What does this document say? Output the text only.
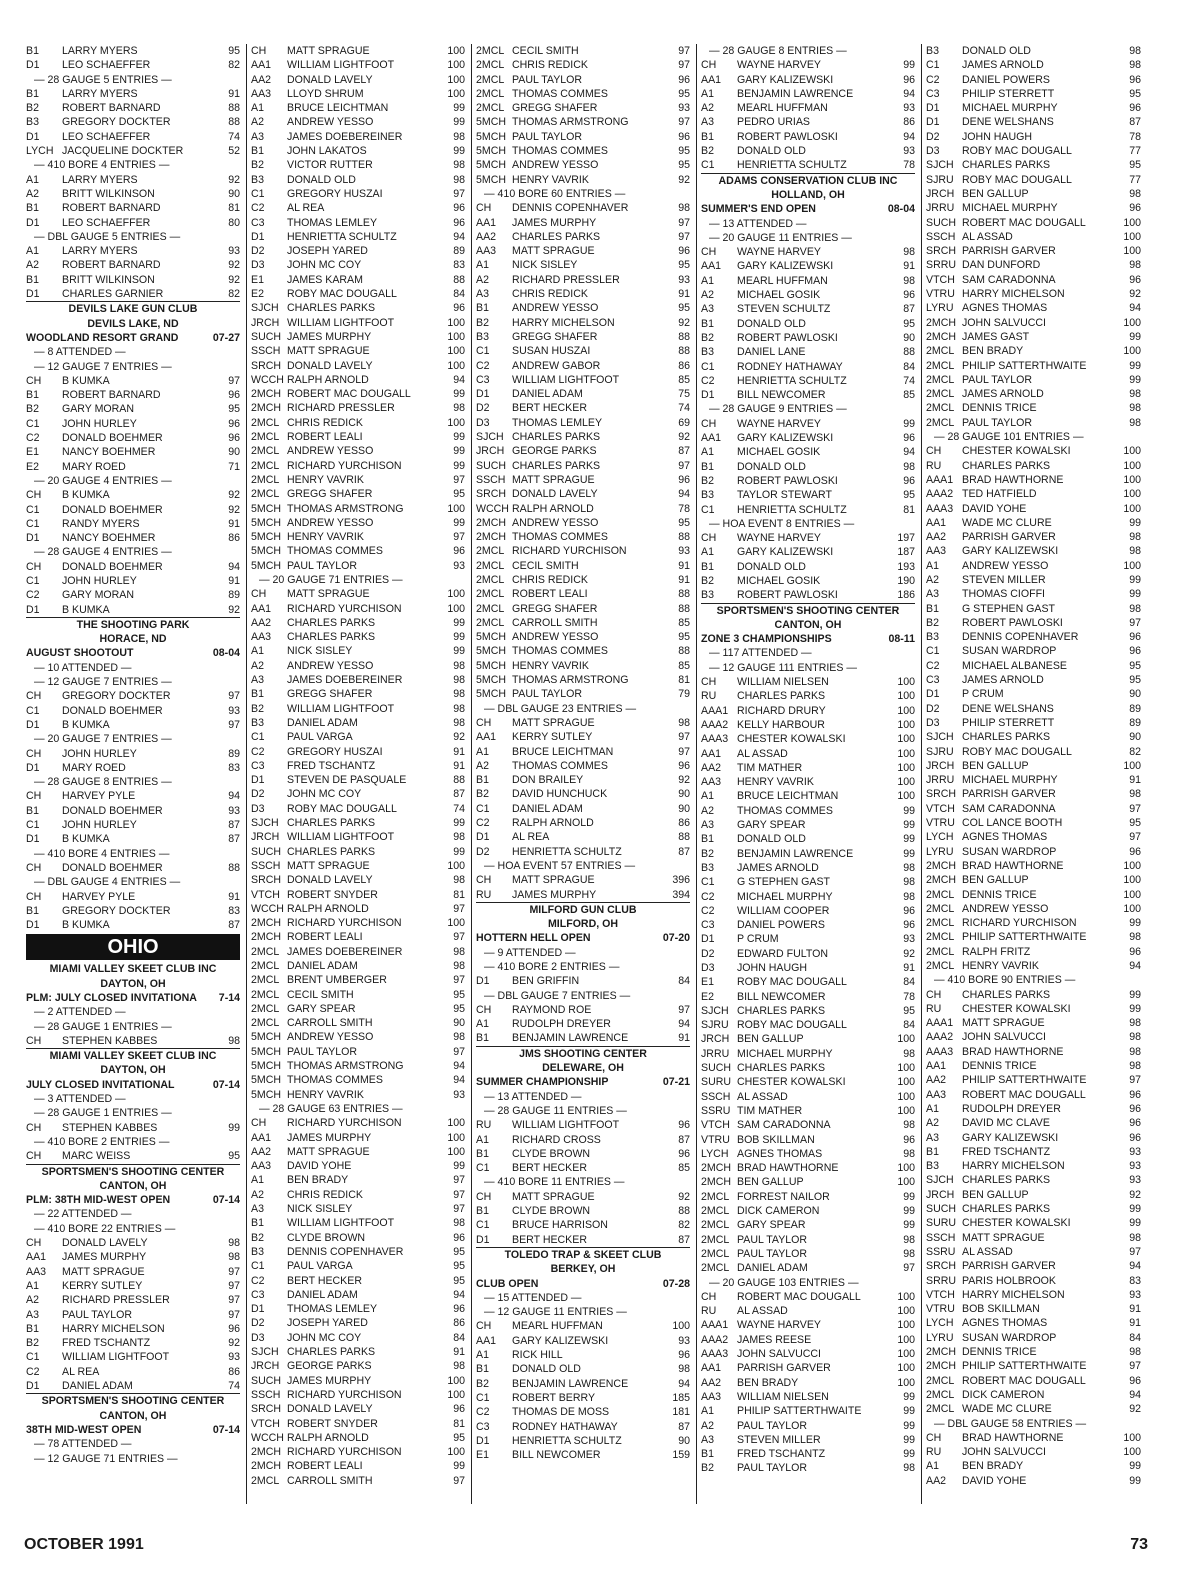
B1	LARRY MYERS	95
D1	LEO SCHAEFFER	82
— 28 GAUGE 5 ENTRIES —
B1	LARRY MYERS	91
B2	ROBERT BARNARD	88
B3	GREGORY DOCKTER	88
D1	LEO SCHAEFFER	74
LYCH JACQUELINE DOCKTER	52
— 410 BORE 4 ENTRIES —
A1	LARRY MYERS	92
A2	BRITT WILKINSON	90
B1	ROBERT BARNARD	81
D1	LEO SCHAEFFER	80
— DBL GAUGE 5 ENTRIES —
A1	LARRY MYERS	93
A2	ROBERT BARNARD	92
B1	BRITT WILKINSON	92
D1	CHARLES GARNIER	82
DEVILS LAKE GUN CLUB
DEVILS LAKE, ND
WOODLAND RESORT GRAND	07-27
— 8 ATTENDED —
— 12 GAUGE 7 ENTRIES —
CH	B KUMKA	97
B1	ROBERT BARNARD	96
B2	GARY MORAN	95
C1	JOHN HURLEY	96
C2	DONALD BOEHMER	96
E1	NANCY BOEHMER	90
E2	MARY ROED	71
— 20 GAUGE 4 ENTRIES —
CH	B KUMKA	92
C1	DONALD BOEHMER	92
C1	RANDY MYERS	91
D1	NANCY BOEHMER	86
— 28 GAUGE 4 ENTRIES —
CH	DONALD BOEHMER	94
C1	JOHN HURLEY	91
C2	GARY MORAN	89
D1	B KUMKA	92
THE SHOOTING PARK
HORACE, ND
AUGUST SHOOTOUT	08-04
— 10 ATTENDED —
— 12 GAUGE 7 ENTRIES —
CH	GREGORY DOCKTER	97
C1	DONALD BOEHMER	93
D1	B KUMKA	97
— 20 GAUGE 7 ENTRIES —
CH	JOHN HURLEY	89
D1	MARY ROED	83
— 28 GAUGE 8 ENTRIES —
CH	HARVEY PYLE	94
B1	DONALD BOEHMER	93
C1	JOHN HURLEY	87
D1	B KUMKA	87
— 410 BORE 4 ENTRIES —
CH	DONALD BOEHMER	88
— DBL GAUGE 4 ENTRIES —
CH	HARVEY PYLE	91
B1	GREGORY DOCKTER	83
D1	B KUMKA	87
OHIO
MIAMI VALLEY SKEET CLUB INC
DAYTON, OH
PLM: JULY CLOSED INVITATIONA 7-14
— 2 ATTENDED —
— 28 GAUGE 1 ENTRIES —
CH	STEPHEN KABBES	98
MIAMI VALLEY SKEET CLUB INC
DAYTON, OH
JULY CLOSED INVITATIONAL	07-14
— 3 ATTENDED —
— 28 GAUGE 1 ENTRIES —
CH	STEPHEN KABBES	99
— 410 BORE 2 ENTRIES —
CH	MARC WEISS	95
SPORTSMEN'S SHOOTING CENTER
CANTON, OH
PLM: 38TH MID-WEST OPEN	07-14
— 22 ATTENDED —
— 410 BORE 22 ENTRIES —
CH	DONALD LAVELY	98
AA1	JAMES MURPHY	98
AA3	MATT SPRAGUE	97
A1	KERRY SUTLEY	97
A2	RICHARD PRESSLER	97
A3	PAUL TAYLOR	97
B1	HARRY MICHELSON	96
B2	FRED TSCHANTZ	92
C1	WILLIAM LIGHTFOOT	93
C2	AL REA	86
D1	DANIEL ADAM	74
SPORTSMEN'S SHOOTING CENTER
CANTON, OH
38TH MID-WEST OPEN	07-14
— 78 ATTENDED —
— 12 GAUGE 71 ENTRIES —
CH	MATT SPRAGUE	100
AA1	WILLIAM LIGHTFOOT	100
AA2	DONALD LAVELY	100
AA3	LLOYD SHRUM	100
A1	BRUCE LEICHTMAN	99
A2	ANDREW YESSO	99
A3	JAMES DOEBEREINER	98
B1	JOHN LAKATOS	99
B2	VICTOR RUTTER	98
B3	DONALD OLD	98
C1	GREGORY HUSZAI	97
C2	AL REA	96
C3	THOMAS LEMLEY	96
D1	HENRIETTA SCHULTZ	94
D2	JOSEPH YARED	89
D3	JOHN MC COY	83
E1	JAMES KARAM	88
E2	ROBY MAC DOUGALL	84
SJCH CHARLES PARKS	96
JRCH WILLIAM LIGHTFOOT	100
SUCH JAMES MURPHY	100
SSCH MATT SPRAGUE	100
SRCH DONALD LAVELY	100
WCCH RALPH ARNOLD	94
2MCH ROBERT MAC DOUGALL	99
2MCH RICHARD PRESSLER	98
2MCL CHRIS REDICK	100
2MCL ROBERT LEALI	99
2MCL ANDREW YESSO	99
2MCL RICHARD YURCHISON	99
2MCL HENRY VAVRIK	97
2MCL GREGG SHAFER	95
5MCH THOMAS ARMSTRONG	100
5MCH ANDREW YESSO	99
5MCH HENRY VAVRIK	97
5MCH THOMAS COMMES	96
5MCH PAUL TAYLOR	93
— 20 GAUGE 71 ENTRIES —
CH	MATT SPRAGUE	100
AA1	RICHARD YURCHISON	100
AA2	CHARLES PARKS	99
AA3	CHARLES PARKS	99
A1	NICK SISLEY	99
A2	ANDREW YESSO	98
A3	JAMES DOEBEREINER	98
B1	GREGG SHAFER	98
B2	WILLIAM LIGHTFOOT	98
B3	DANIEL ADAM	98
C1	PAUL VARGA	92
C2	GREGORY HUSZAI	91
C3	FRED TSCHANTZ	91
D1	STEVEN DE PASQUALE	88
D2	JOHN MC COY	87
D3	ROBY MAC DOUGALL	74
SJCH CHARLES PARKS	99
JRCH WILLIAM LIGHTFOOT	98
SUCH CHARLES PARKS	99
SSCH MATT SPRAGUE	100
SRCH DONALD LAVELY	98
VTCH ROBERT SNYDER	81
WCCH RALPH ARNOLD	97
2MCH RICHARD YURCHISON	100
2MCH ROBERT LEALI	97
2MCL JAMES DOEBEREINER	98
2MCL DANIEL ADAM	98
2MCL BRENT UMBERGER	97
2MCL CECIL SMITH	95
2MCL GARY SPEAR	95
2MCL CARROLL SMITH	90
5MCH ANDREW YESSO	98
5MCH PAUL TAYLOR	97
5MCH THOMAS ARMSTRONG	94
5MCH THOMAS COMMES	94
5MCH HENRY VAVRIK	93
— 28 GAUGE 63 ENTRIES —
CH	RICHARD YURCHISON	100
AA1	JAMES MURPHY	100
AA2	MATT SPRAGUE	100
AA3	DAVID YOHE	99
A1	BEN BRADY	97
A2	CHRIS REDICK	97
A3	NICK SISLEY	97
B1	WILLIAM LIGHTFOOT	98
B2	CLYDE BROWN	96
B3	DENNIS COPENHAVER	95
C1	PAUL VARGA	95
C2	BERT HECKER	95
C3	DANIEL ADAM	94
D1	THOMAS LEMLEY	96
D2	JOSEPH YARED	86
D3	JOHN MC COY	84
SJCH CHARLES PARKS	91
JRCH GEORGE PARKS	98
SUCH JAMES MURPHY	100
SSCH RICHARD YURCHISON	100
SRCH DONALD LAVELY	96
VTCH ROBERT SNYDER	81
WCCH RALPH ARNOLD	95
2MCH RICHARD YURCHISON	100
2MCH ROBERT LEALI	99
2MCL CARROLL SMITH	97
2MCL CECIL SMITH	97
2MCL CHRIS REDICK	97
2MCL PAUL TAYLOR	96
2MCL THOMAS COMMES	95
2MCL GREGG SHAFER	93
5MCH THOMAS ARMSTRONG	97
5MCH PAUL TAYLOR	96
5MCH THOMAS COMMES	95
5MCH ANDREW YESSO	95
5MCH HENRY VAVRIK	92
— 410 BORE 60 ENTRIES —
CH	DENNIS COPENHAVER	98
AA1	JAMES MURPHY	97
AA2	CHARLES PARKS	97
AA3	MATT SPRAGUE	96
A1	NICK SISLEY	95
A2	RICHARD PRESSLER	93
A3	CHRIS REDICK	91
B1	ANDREW YESSO	95
B2	HARRY MICHELSON	92
B3	GREGG SHAFER	88
C1	SUSAN HUSZAI	88
C2	ANDREW GABOR	86
C3	WILLIAM LIGHTFOOT	85
D1	DANIEL ADAM	75
D2	BERT HECKER	74
D3	THOMAS LEMLEY	69
SJCH CHARLES PARKS	92
JRCH GEORGE PARKS	87
SUCH CHARLES PARKS	97
SSCH MATT SPRAGUE	96
SRCH DONALD LAVELY	94
WCCH RALPH ARNOLD	78
2MCH ANDREW YESSO	95
2MCH THOMAS COMMES	88
2MCL RICHARD YURCHISON	93
2MCL CECIL SMITH	91
2MCL CHRIS REDICK	91
2MCL ROBERT LEALI	88
2MCL GREGG SHAFER	88
2MCL CARROLL SMITH	85
5MCH ANDREW YESSO	95
5MCH THOMAS COMMES	88
5MCH HENRY VAVRIK	85
5MCH THOMAS ARMSTRONG	81
5MCH PAUL TAYLOR	79
— DBL GAUGE 23 ENTRIES —
CH	MATT SPRAGUE	98
AA1	KERRY SUTLEY	97
A1	BRUCE LEICHTMAN	97
A2	THOMAS COMMES	96
B1	DON BRAILEY	92
B2	DAVID HUNCHUCK	90
C1	DANIEL ADAM	90
C2	RALPH ARNOLD	86
D1	AL REA	88
D2	HENRIETTA SCHULTZ	87
— HOA EVENT 57 ENTRIES —
CH	MATT SPRAGUE	396
RU	JAMES MURPHY	394
MILFORD GUN CLUB
MILFORD, OH
HOTTERN HELL OPEN	07-20
— 9 ATTENDED —
— 410 BORE 2 ENTRIES —
D1	BEN GRIFFIN	84
— DBL GAUGE 7 ENTRIES —
CH	RAYMOND ROE	97
A1	RUDOLPH DREYER	94
B1	BENJAMIN LAWRENCE	91
JMS SHOOTING CENTER
DELEWARE, OH
SUMMER CHAMPIONSHIP	07-21
— 13 ATTENDED —
— 28 GAUGE 11 ENTRIES —
RU	WILLIAM LIGHTFOOT	96
A1	RICHARD CROSS	87
B1	CLYDE BROWN	96
C1	BERT HECKER	85
— 410 BORE 11 ENTRIES —
CH	MATT SPRAGUE	92
B1	CLYDE BROWN	88
C1	BRUCE HARRISON	82
D1	BERT HECKER	87
TOLEDO TRAP & SKEET CLUB
BERKEY, OH
CLUB OPEN	07-28
— 15 ATTENDED —
— 12 GAUGE 11 ENTRIES —
CH	MEARL HUFFMAN	100
AA1	GARY KALIZEWSKI	93
A1	RICK HILL	96
B1	DONALD OLD	98
B2	BENJAMIN LAWRENCE	94
C1	ROBERT BERRY	185
C2	THOMAS DE MOSS	181
C3	RODNEY HATHAWAY	87
D1	HENRIETTA SCHULTZ	90
E1	BILL NEWCOMER	159
— 28 GAUGE 8 ENTRIES —
CH	WAYNE HARVEY	99
AA1	GARY KALIZEWSKI	96
A1	BENJAMIN LAWRENCE	94
A2	MEARL HUFFMAN	93
A3	PEDRO URIAS	86
B1	ROBERT PAWLOSKI	94
B2	DONALD OLD	93
C1	HENRIETTA SCHULTZ	78
ADAMS CONSERVATION CLUB INC
HOLLAND, OH
SUMMER'S END OPEN	08-04
— 13 ATTENDED —
— 20 GAUGE 11 ENTRIES —
CH	WAYNE HARVEY	98
AA1	GARY KALIZEWSKI	91
A1	MEARL HUFFMAN	98
A2	MICHAEL GOSIK	96
A3	STEVEN SCHULTZ	87
B1	DONALD OLD	95
B2	ROBERT PAWLOSKI	90
B3	DANIEL LANE	88
C1	RODNEY HATHAWAY	84
C2	HENRIETTA SCHULTZ	74
D1	BILL NEWCOMER	85
— 28 GAUGE 9 ENTRIES —
CH	WAYNE HARVEY	99
AA1	GARY KALIZEWSKI	96
A1	MICHAEL GOSIK	94
B1	DONALD OLD	98
B2	ROBERT PAWLOSKI	96
B3	TAYLOR STEWART	95
C1	HENRIETTA SCHULTZ	81
— HOA EVENT 8 ENTRIES —
CH	WAYNE HARVEY	197
A1	GARY KALIZEWSKI	187
B1	DONALD OLD	193
B2	MICHAEL GOSIK	190
B3	ROBERT PAWLOSKI	186
SPORTSMEN'S SHOOTING CENTER
CANTON, OH
ZONE 3 CHAMPIONSHIPS	08-11
— 117 ATTENDED —
— 12 GAUGE 111 ENTRIES —
CH	WILLIAM NIELSEN	100
RU	CHARLES PARKS	100
AAA1 RICHARD DRURY	100
AAA2 KELLY HARBOUR	100
AAA3 CHESTER KOWALSKI	100
AA1	AL ASSAD	100
AA2	TIM MATHER	100
AA3	HENRY VAVRIK	100
A1	BRUCE LEICHTMAN	100
A2	THOMAS COMMES	99
A3	GARY SPEAR	99
B1	DONALD OLD	99
B2	BENJAMIN LAWRENCE	99
B3	JAMES ARNOLD	98
C1	G STEPHEN GAST	98
C2	MICHAEL MURPHY	98
C2	WILLIAM COOPER	96
C3	DANIEL POWERS	96
D1	P CRUM	93
D2	EDWARD FULTON	92
D3	JOHN HAUGH	91
E1	ROBY MAC DOUGALL	84
E2	BILL NEWCOMER	78
SJCH CHARLES PARKS	95
SJRU ROBY MAC DOUGALL	84
JRCH BEN GALLUP	100
JRRU MICHAEL MURPHY	98
SUCH CHARLES PARKS	100
SURU CHESTER KOWALSKI	100
SSCH AL ASSAD	100
SSRU TIM MATHER	100
VTCH SAM CARADONNA	98
VTRU BOB SKILLMAN	96
LYCH AGNES THOMAS	98
2MCH BRAD HAWTHORNE	100
2MCH BEN GALLUP	100
2MCL FORREST NAILOR	99
2MCL DICK CAMERON	99
2MCL GARY SPEAR	99
2MCL PAUL TAYLOR	98
2MCL PAUL TAYLOR	98
2MCL DANIEL ADAM	97
— 20 GAUGE 103 ENTRIES —
CH	ROBERT MAC DOUGALL	100
RU	AL ASSAD	100
AAA1 WAYNE HARVEY	100
AAA2 JAMES REESE	100
AAA3 JOHN SALVUCCI	100
AA1	PARRISH GARVER	100
AA2	BEN BRADY	100
AA3	WILLIAM NIELSEN	99
A1	PHILIP SATTERTHWAITE	99
A2	PAUL TAYLOR	99
A3	STEVEN MILLER	99
B1	FRED TSCHANTZ	99
B2	PAUL TAYLOR	98
B3	DONALD OLD	98
C1	JAMES ARNOLD	98
C2	DANIEL POWERS	96
C3	PHILIP STERRETT	95
D1	MICHAEL MURPHY	96
D1	DENE WELSHANS	87
D2	JOHN HAUGH	78
D3	ROBY MAC DOUGALL	77
SJCH CHARLES PARKS	95
SJRU ROBY MAC DOUGALL	77
JRCH BEN GALLUP	98
JRRU MICHAEL MURPHY	96
SUCH ROBERT MAC DOUGALL	100
SSCH AL ASSAD	100
SRCH PARRISH GARVER	100
SRRU DAN DUNFORD	98
VTCH SAM CARADONNA	96
VTRU HARRY MICHELSON	92
LYRU AGNES THOMAS	94
2MCH JOHN SALVUCCI	100
2MCH JAMES GAST	99
2MCL BEN BRADY	100
2MCL PHILIP SATTERTHWAITE	99
2MCL PAUL TAYLOR	99
2MCL JAMES ARNOLD	98
2MCL DENNIS TRICE	98
2MCL PAUL TAYLOR	98
— 28 GAUGE 101 ENTRIES —
CH	CHESTER KOWALSKI	100
RU	CHARLES PARKS	100
AAA1 BRAD HAWTHORNE	100
AAA2 TED HATFIELD	100
AAA3 DAVID YOHE	100
AA1	WADE MC CLURE	99
AA2	PARRISH GARVER	98
AA3	GARY KALIZEWSKI	98
A1	ANDREW YESSO	100
A2	STEVEN MILLER	99
A3	THOMAS CIOFFI	99
B1	G STEPHEN GAST	98
B2	ROBERT PAWLOSKI	97
B3	DENNIS COPENHAVER	96
C1	SUSAN WARDROP	96
C2	MICHAEL ALBANESE	95
C3	JAMES ARNOLD	95
D1	P CRUM	90
D2	DENE WELSHANS	89
D3	PHILIP STERRETT	89
SJCH CHARLES PARKS	90
SJRU ROBY MAC DOUGALL	82
JRCH BEN GALLUP	100
JRRU MICHAEL MURPHY	91
SRCH PARRISH GARVER	98
VTCH SAM CARADONNA	97
VTRU COL LANCE BOOTH	95
LYCH AGNES THOMAS	97
LYRU SUSAN WARDROP	96
2MCH BRAD HAWTHORNE	100
2MCH BEN GALLUP	100
2MCL DENNIS TRICE	100
2MCL ANDREW YESSO	100
2MCL RICHARD YURCHISON	99
2MCL PHILIP SATTERTHWAITE	98
2MCL RALPH FRITZ	96
2MCL HENRY VAVRIK	94
— 410 BORE 90 ENTRIES —
CH	CHARLES PARKS	99
RU	CHESTER KOWALSKI	99
AAA1 MATT SPRAGUE	98
AAA2 JOHN SALVUCCI	98
AAA3 BRAD HAWTHORNE	98
AA1	DENNIS TRICE	98
AA2	PHILIP SATTERTHWAITE	97
AA3	ROBERT MAC DOUGALL	96
A1	RUDOLPH DREYER	96
A2	DAVID MC CLAVE	96
A3	GARY KALIZEWSKI	96
B1	FRED TSCHANTZ	93
B3	HARRY MICHELSON	93
SJCH CHARLES PARKS	93
JRCH BEN GALLUP	92
SUCH CHARLES PARKS	99
SURU CHESTER KOWALSKI	99
SSCH MATT SPRAGUE	98
SSRU AL ASSAD	97
SRCH PARRISH GARVER	94
SRRU PARIS HOLBROOK	83
VTCH HARRY MICHELSON	93
VTRU BOB SKILLMAN	91
LYCH AGNES THOMAS	91
LYRU SUSAN WARDROP	84
2MCH DENNIS TRICE	98
2MCH PHILIP SATTERTHWAITE	97
2MCL ROBERT MAC DOUGALL	96
2MCL DICK CAMERON	94
2MCL WADE MC CLURE	92
— DBL GAUGE 58 ENTRIES —
CH	BRAD HAWTHORNE	100
RU	JOHN SALVUCCI	100
A1	BEN BRADY	99
AA2	DAVID YOHE	99
OCTOBER 1991	73
